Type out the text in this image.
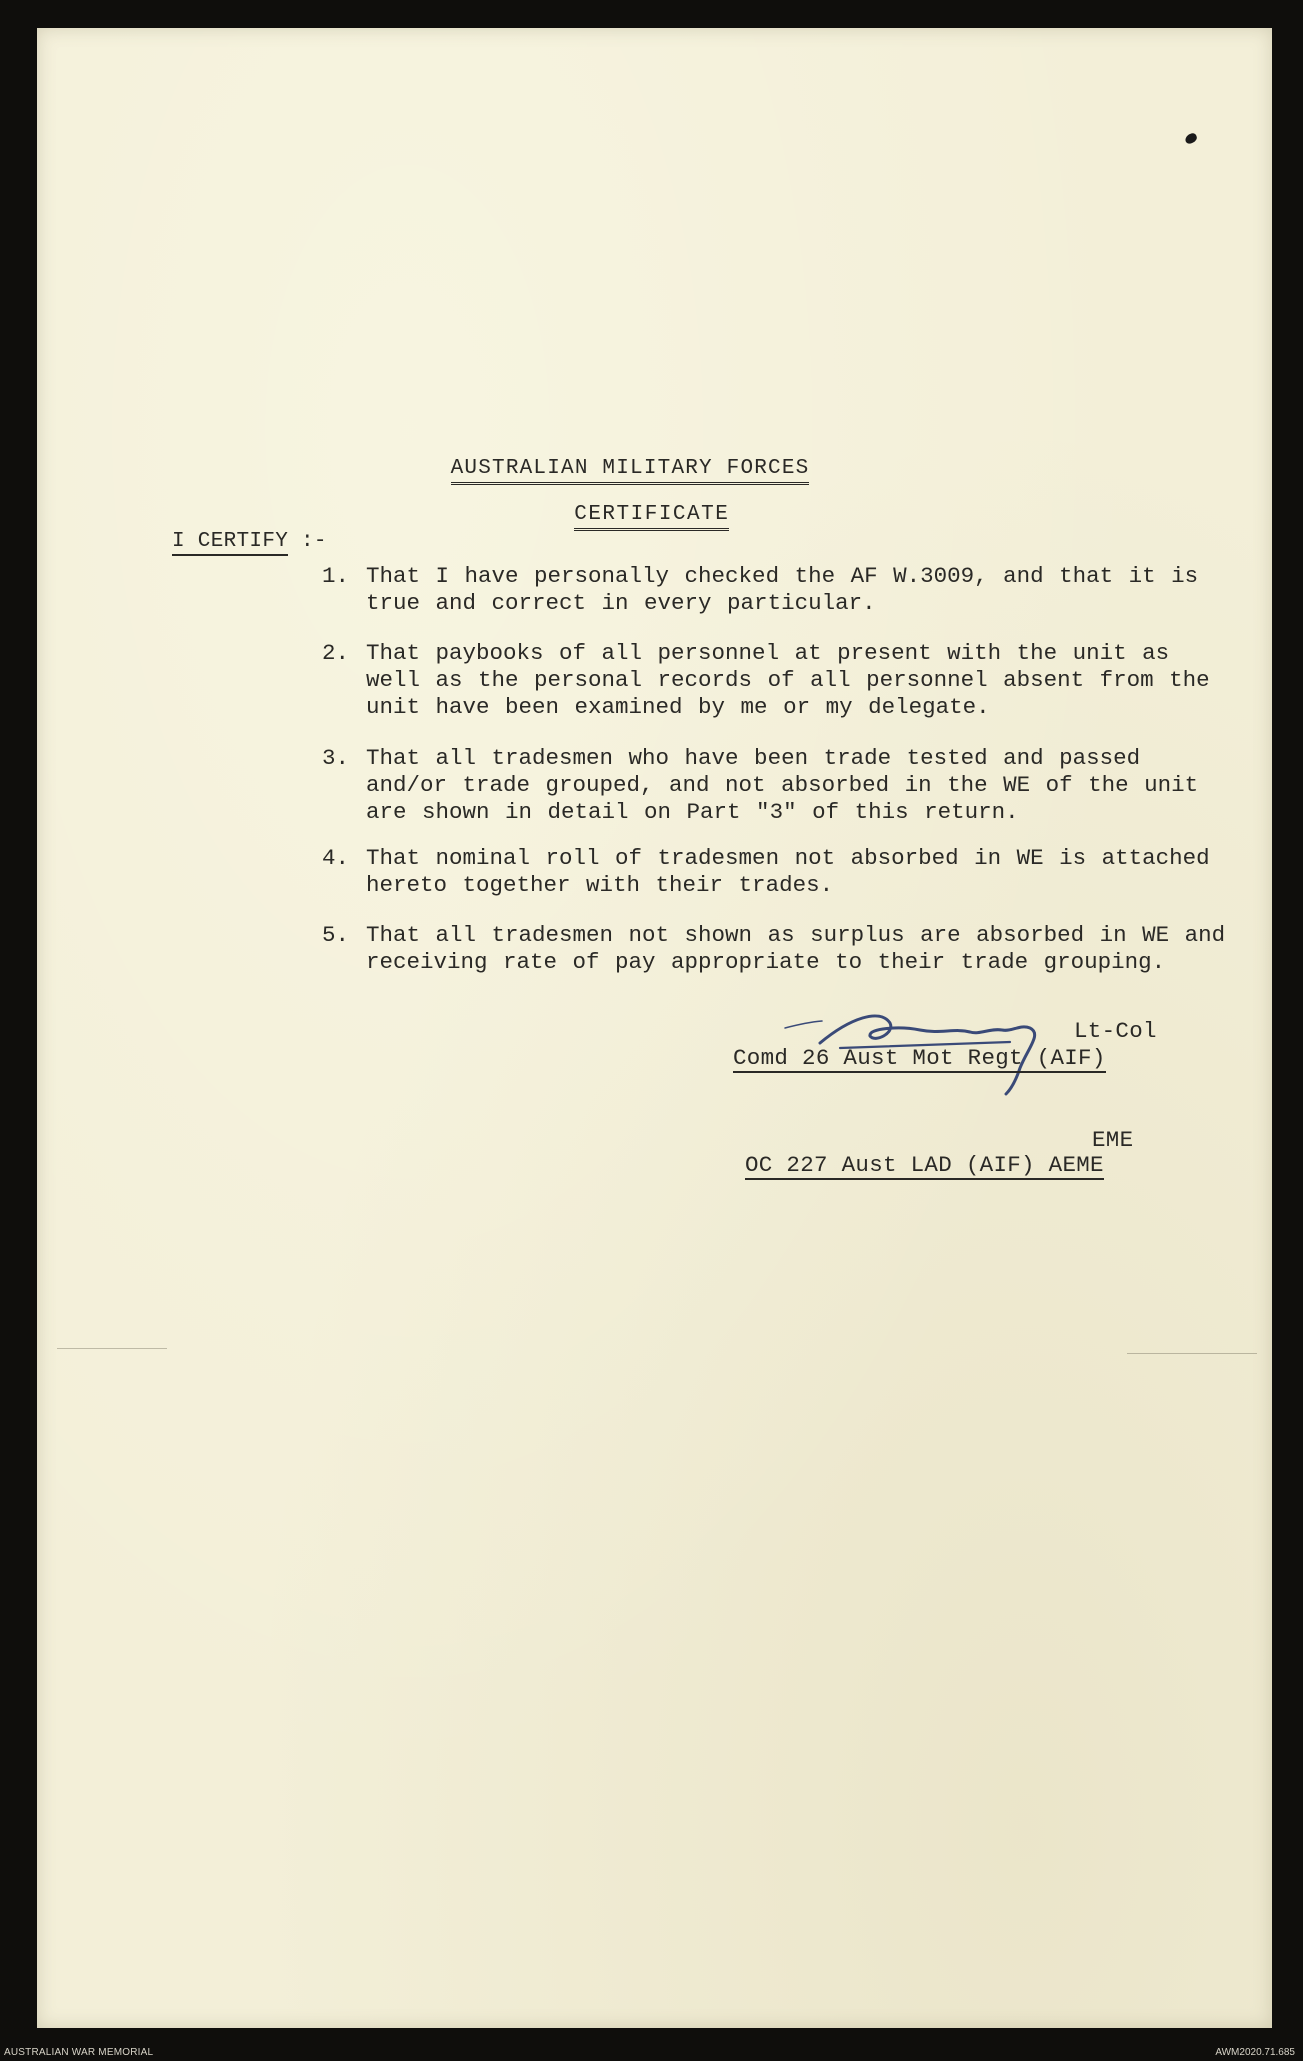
AUSTRALIAN MILITARY FORCES

CERTIFICATE

I CERTIFY :-
1. That I have personally checked the AF W.3009, and that it is true and correct in every particular.
2. That paybooks of all personnel at present with the unit as well as the personal records of all personnel absent from the unit have been examined by me or my delegate.
3. That all tradesmen who have been trade tested and passed and/or trade grouped, and not absorbed in the WE of the unit are shown in detail on Part "3" of this return.
4. That nominal roll of tradesmen not absorbed in WE is attached hereto together with their trades.
5. That all tradesmen not shown as surplus are absorbed in WE and receiving rate of pay appropriate to their trade grouping.
Lt-Col
Comd 26 Aust Mot Regt (AIF)
EME
OC 227 Aust LAD (AIF) AEME
AUSTRALIAN WAR MEMORIAL	AWM2020.71.685
